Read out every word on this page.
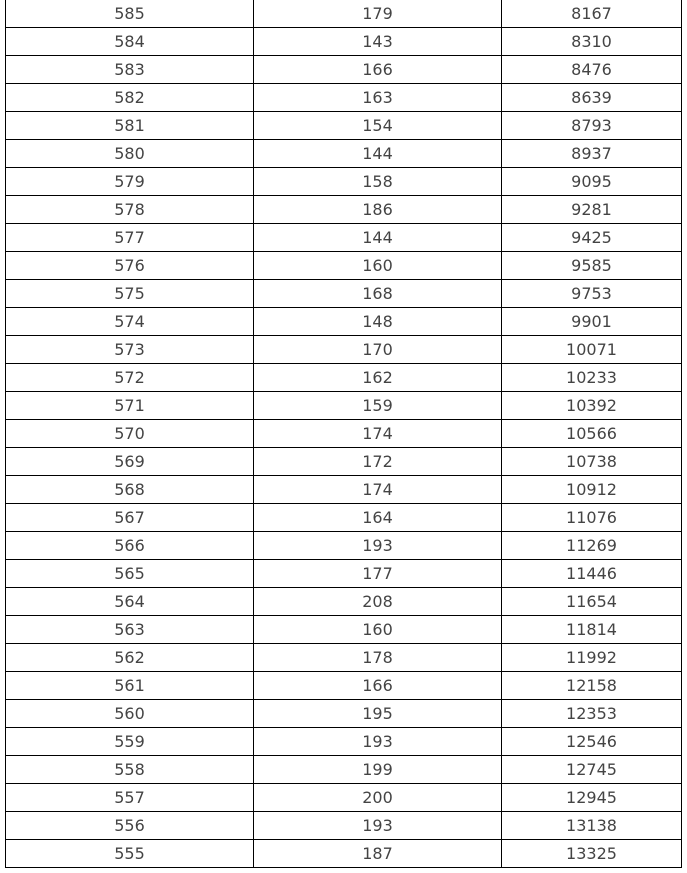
585	179	8167
584	143	8310
583	166	8476
582	163	8639
581	154	8793
580	144	8937
579	158	9095
578	186	9281
577	144	9425
576	160	9585
575	168	9753
574	148	9901
573	170	10071
572	162	10233
571	159	10392
570	174	10566
569	172	10738
568	174	10912
567	164	11076
566	193	11269
565	177	11446
564	208	11654
563	160	11814
562	178	11992
561	166	12158
560	195	12353
559	193	12546
558	199	12745
557	200	12945
556	193	13138
555	187	13325
